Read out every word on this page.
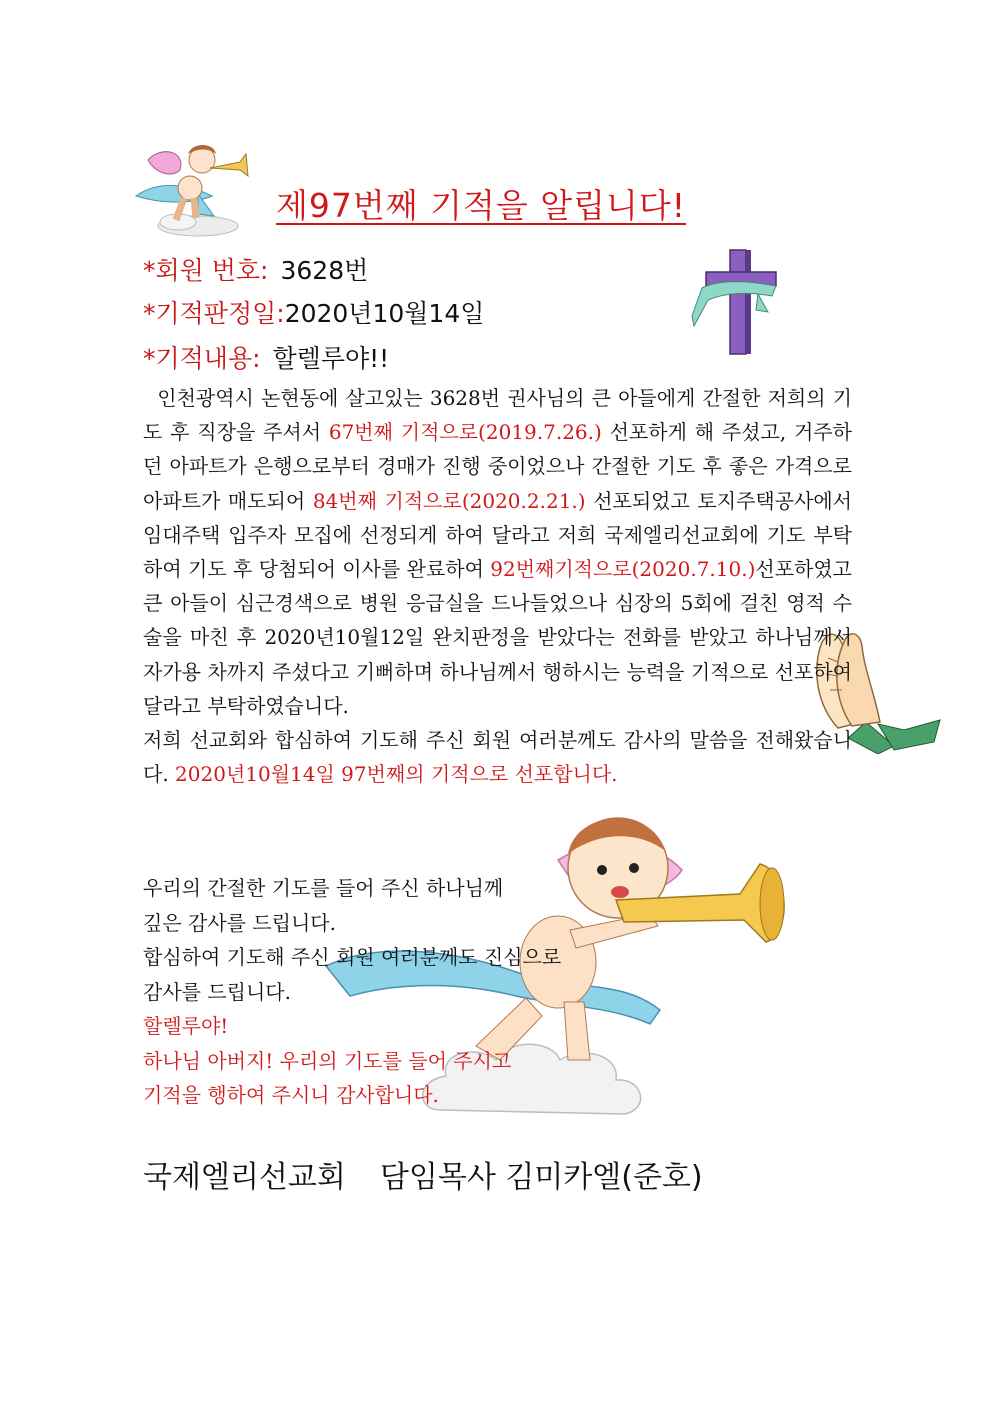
제97번째 기적을 알립니다!
*회원 번호: 3628번
*기적판정일:2020년10월14일
*기적내용: 할렐루야!!
인천광역시 논현동에 살고있는 3628번 권사님의 큰 아들에게 간절한 저희의 기도 후 직장을 주셔서 67번째 기적으로(2019.7.26.) 선포하게 해 주셨고, 거주하던 아파트가 은행으로부터 경매가 진행 중이었으나 간절한 기도 후 좋은 가격으로 아파트가 매도되어 84번째 기적으로(2020.2.21.) 선포되었고 토지주택공사에서 임대주택 입주자 모집에 선정되게 하여 달라고 저희 국제엘리선교회에 기도 부탁하여 기도 후 당첨되어 이사를 완료하여 92번째기적으로(2020.7.10.)선포하였고 큰 아들이 심근경색으로 병원 응급실을 드나들었으나 심장의 5회에 걸친 영적 수술을 마친 후 2020년10월12일 완치판정을 받았다는 전화를 받았고 하나님께서 자가용 차까지 주셨다고 기뻐하며 하나님께서 행하시는 능력을 기적으로 선포하여 달라고 부탁하였습니다.
저희 선교회와 합심하여 기도해 주신 회원 여러분께도 감사의 말씀을 전해왔습니다. 2020년10월14일 97번째의 기적으로 선포합니다.
우리의 간절한 기도를 들어 주신 하나님께
깊은 감사를 드립니다.
합심하여 기도해 주신 회원 여러분께도 진심으로
감사를 드립니다.
할렐루야!
하나님 아버지! 우리의 기도를 들어 주시고
기적을 행하여 주시니 감사합니다.
국제엘리선교회 담임목사 김미카엘(준호)
